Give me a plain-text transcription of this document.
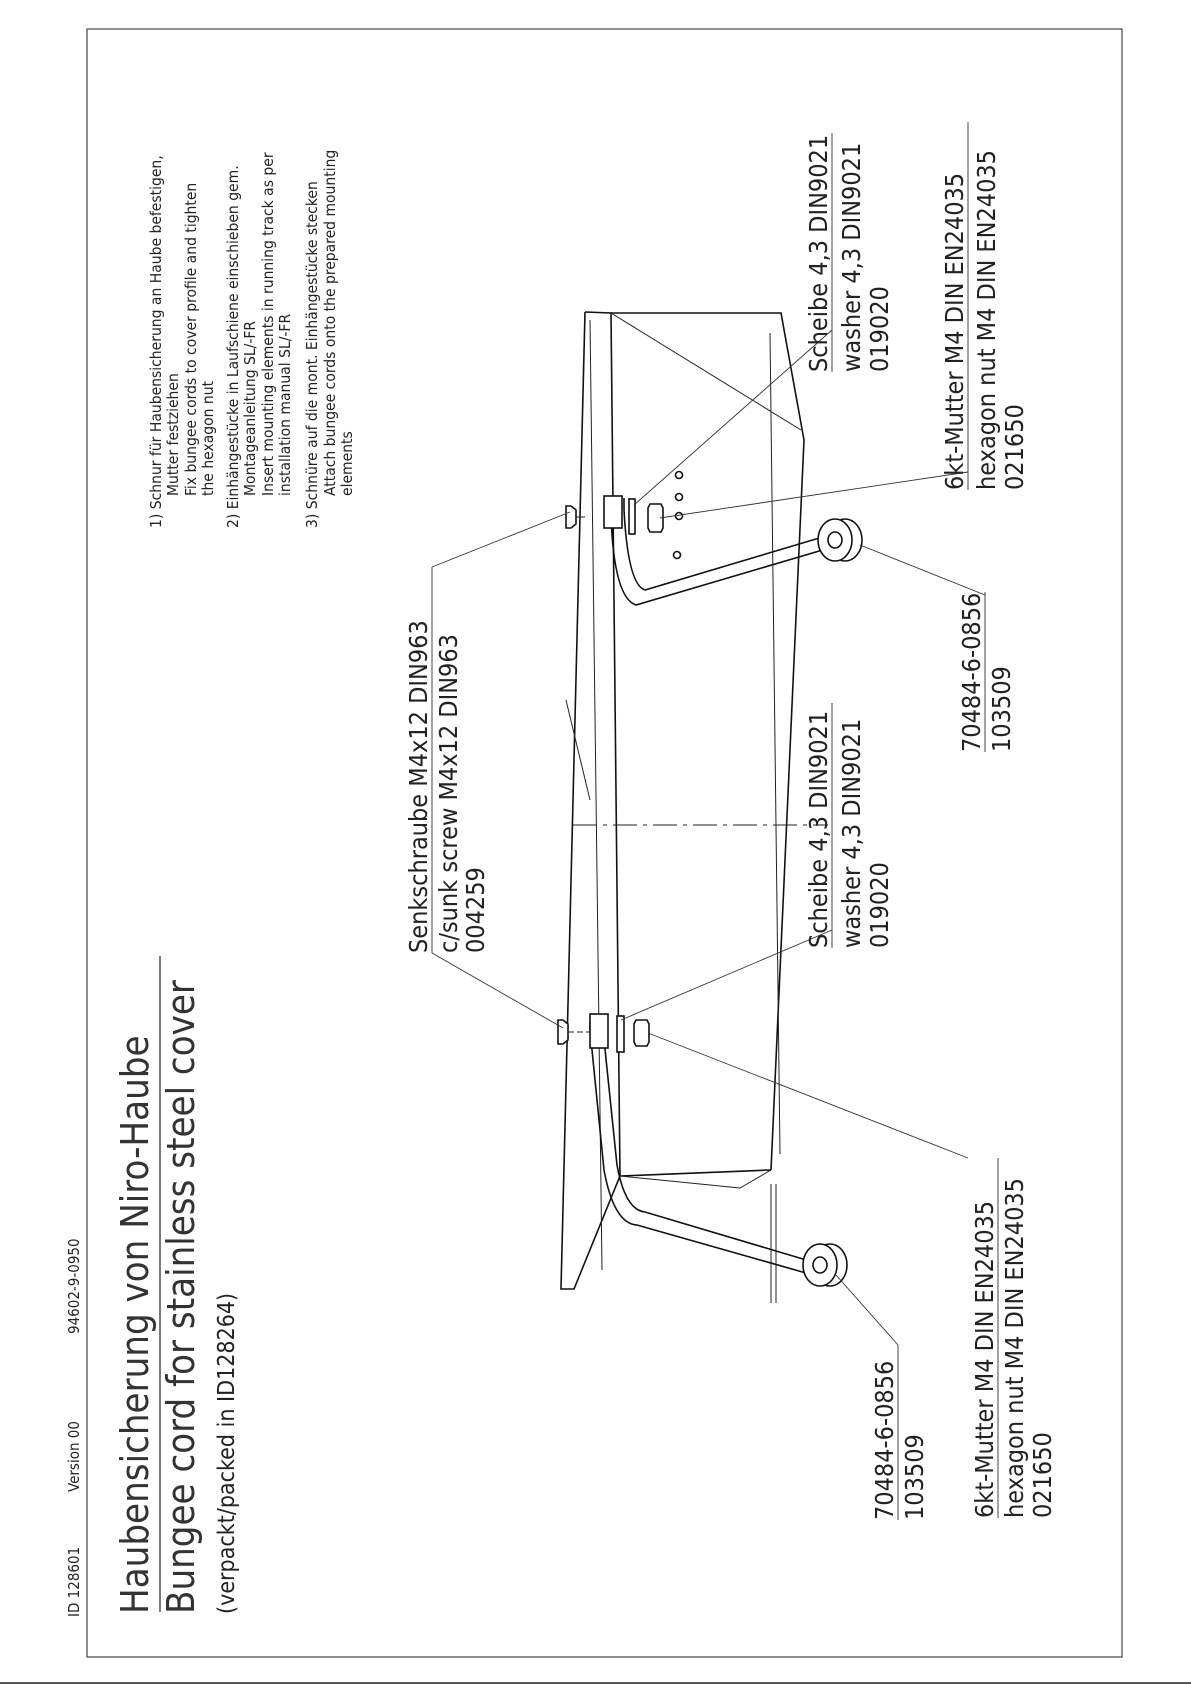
ID 128601
Version 00
94602-9-0950 Haubensicherung von Niro-Haube Bungee cord for stainless steel cover (verpackt/packed in ID128264)
1) Schnur für Haubensicherung an Haube befestigen, Mutter festziehen Fix bungee cords to cover profile and tighten the hexagon nut 2) Einhängestücke in Laufschiene einschieben gem. Montageanleitung SL/-FR Insert mounting elements in running track as per installation manual SL/-FR 3) Schnüre auf die mont. Einhängestücke stecken Attach bungee cords onto the prepared mounting elements
Senkschraube M4x12 DIN963 c/sunk screw M4x12 DIN963
004259
Scheibe 4,3 DIN9021 washer 4,3 DIN9021 019020
Scheibe 4,3 DIN9021 washer 4,3 DIN9021 019020
6kt-Mutter M4 DIN EN24035 hexagon nut M4 DIN EN24035 021650
6kt-Mutter M4 DIN EN24035 hexagon nut M4 DIN EN24035 021650
70484-6-0856 103509
70484-6-0856 103509
